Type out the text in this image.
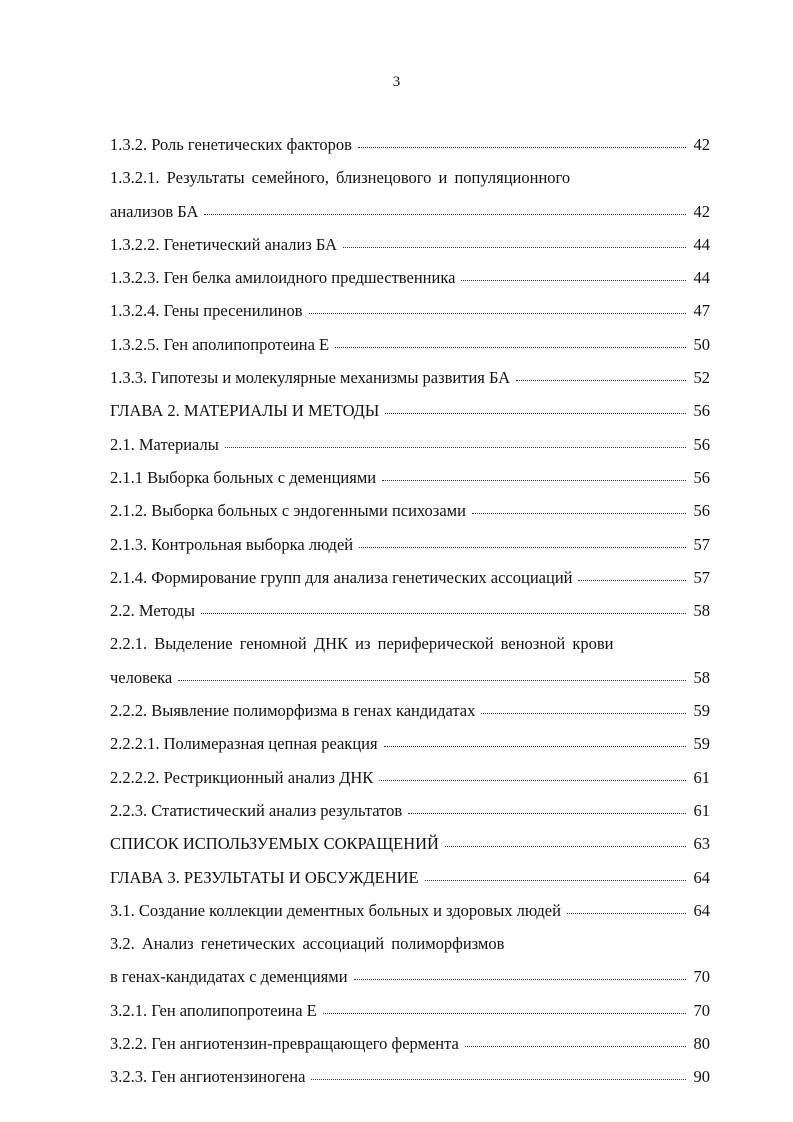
3
1.3.2. Роль генетических факторов	42
1.3.2.1. Результаты семейного, близнецового и популяционного
анализов БА	42
1.3.2.2. Генетический анализ БА	44
1.3.2.3. Ген белка амилоидного предшественника	44
1.3.2.4. Гены пресенилинов	47
1.3.2.5. Ген аполипопротеина Е	50
1.3.3. Гипотезы и молекулярные механизмы развития БА	52
ГЛАВА 2. МАТЕРИАЛЫ И МЕТОДЫ	56
2.1. Материалы	56
2.1.1 Выборка больных с деменциями	56
2.1.2. Выборка больных с эндогенными психозами	56
2.1.3. Контрольная выборка людей	57
2.1.4. Формирование групп для анализа генетических ассоциаций	57
2.2. Методы	58
2.2.1. Выделение геномной ДНК из периферической венозной крови
человека	58
2.2.2. Выявление полиморфизма в генах кандидатах	59
2.2.2.1. Полимеразная цепная реакция	59
2.2.2.2. Рестрикционный анализ ДНК	61
2.2.3. Статистический анализ результатов	61
СПИСОК ИСПОЛЬЗУЕМЫХ СОКРАЩЕНИЙ	63
ГЛАВА 3. РЕЗУЛЬТАТЫ И ОБСУЖДЕНИЕ	64
3.1. Создание коллекции дементных больных и здоровых людей	64
3.2. Анализ генетических ассоциаций полиморфизмов
в генах-кандидатах с деменциями	70
3.2.1. Ген аполипопротеина Е	70
3.2.2. Ген ангиотензин-превращающего фермента	80
3.2.3. Ген ангиотензиногена	90
